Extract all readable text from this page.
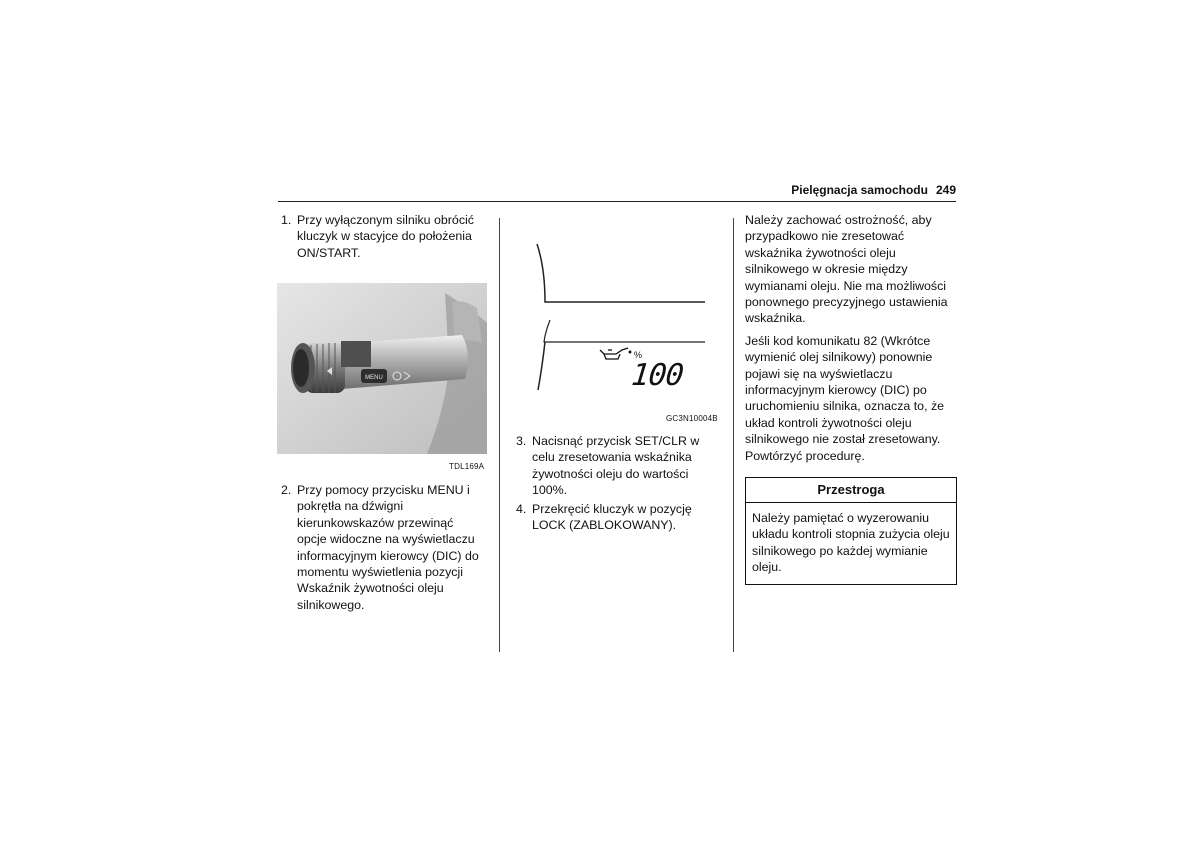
Pielęgnacja samochodu 249
1. Przy wyłączonym silniku obrócić kluczyk w stacyjce do położenia ON/START.
MENU
TDL169A
2. Przy pomocy przycisku MENU i pokrętła na dźwigni kierunkowskazów przewinąć opcje widoczne na wyświetlaczu informacyjnym kierowcy (DIC) do momentu wyświetlenia pozycji Wskaźnik żywotności oleju silnikowego.
%
100
GC3N10004B
3. Nacisnąć przycisk SET/CLR w celu zresetowania wskaźnika żywotności oleju do wartości 100%.
4. Przekręcić kluczyk w pozycję LOCK (ZABLOKOWANY).

Należy zachować ostrożność, aby przypadkowo nie zresetować wskaźnika żywotności oleju silnikowego w okresie między wymianami oleju. Nie ma możliwości ponownego precyzyjnego ustawienia wskaźnika.

Jeśli kod komunikatu 82 (Wkrótce wymienić olej silnikowy) ponownie pojawi się na wyświetlaczu informacyjnym kierowcy (DIC) po uruchomieniu silnika, oznacza to, że układ kontroli żywotności oleju silnikowego nie został zresetowany. Powtórzyć procedurę.

Przestroga
Należy pamiętać o wyzerowaniu układu kontroli stopnia zużycia oleju silnikowego po każdej wymianie oleju.
